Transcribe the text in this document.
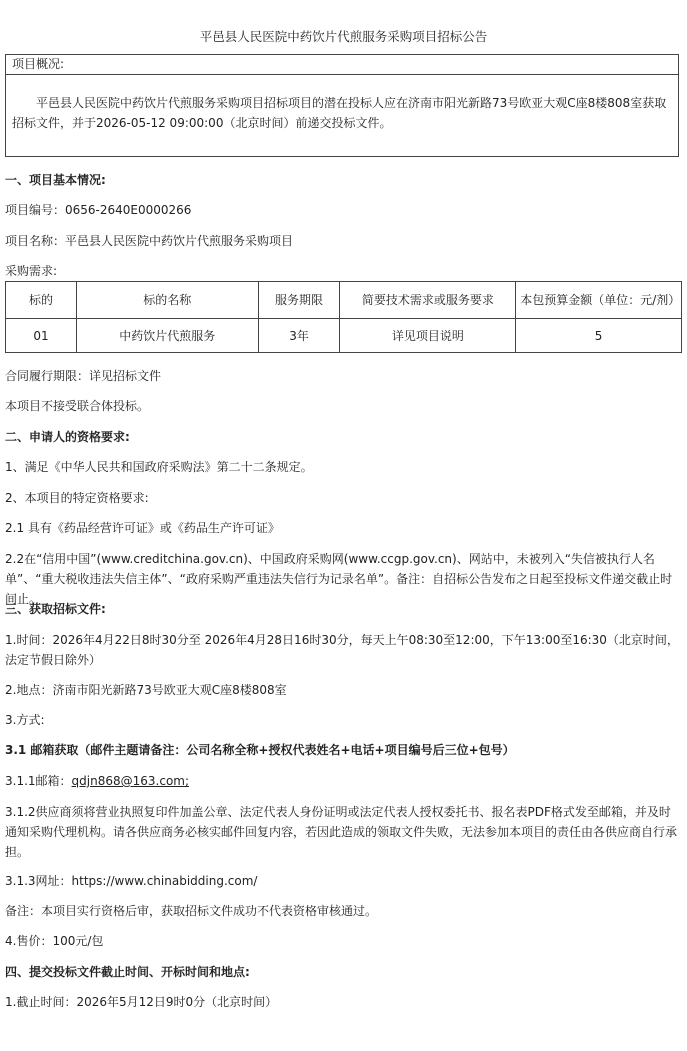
平邑县人民医院中药饮片代煎服务采购项目招标公告
项目概况:
平邑县人民医院中药饮片代煎服务采购项目招标项目的潜在投标人应在济南市阳光新路73号欧亚大观C座8楼808室获取招标文件，并于2026-05-12 09:00:00（北京时间）前递交投标文件。
一、项目基本情况:
项目编号：0656-2640E0000266
项目名称：平邑县人民医院中药饮片代煎服务采购项目
采购需求:
标的	标的名称	服务期限	简要技术需求或服务要求	本包预算金额（单位：元/剂）
01	中药饮片代煎服务	3年	详见项目说明	5
合同履行期限：详见招标文件
本项目不接受联合体投标。
二、申请人的资格要求:
1、满足《中华人民共和国政府采购法》第二十二条规定。
2、本项目的特定资格要求:
2.1 具有《药品经营许可证》或《药品生产许可证》
2.2在“信用中国”(www.creditchina.gov.cn)、中国政府采购网(www.ccgp.gov.cn)、网站中，未被列入“失信被执行人名单”、“重大税收违法失信主体”、“政府采购严重违法失信行为记录名单”。备注：自招标公告发布之日起至投标文件递交截止时间止。
三、获取招标文件:
1.时间：2026年4月22日8时30分至 2026年4月28日16时30分，每天上午08:30至12:00，下午13:00至16:30（北京时间，法定节假日除外）
2.地点：济南市阳光新路73号欧亚大观C座8楼808室
3.方式:
3.1 邮箱获取（邮件主题请备注：公司名称全称+授权代表姓名+电话+项目编号后三位+包号）
3.1.1邮箱：qdjn868@163.com;
3.1.2供应商须将营业执照复印件加盖公章、法定代表人身份证明或法定代表人授权委托书、报名表PDF格式发至邮箱，并及时通知采购代理机构。请各供应商务必核实邮件回复内容，若因此造成的领取文件失败，无法参加本项目的责任由各供应商自行承担。
3.1.3网址：https://www.chinabidding.com/
备注：本项目实行资格后审，获取招标文件成功不代表资格审核通过。
4.售价：100元/包
四、提交投标文件截止时间、开标时间和地点:
1.截止时间：2026年5月12日9时0分（北京时间）
